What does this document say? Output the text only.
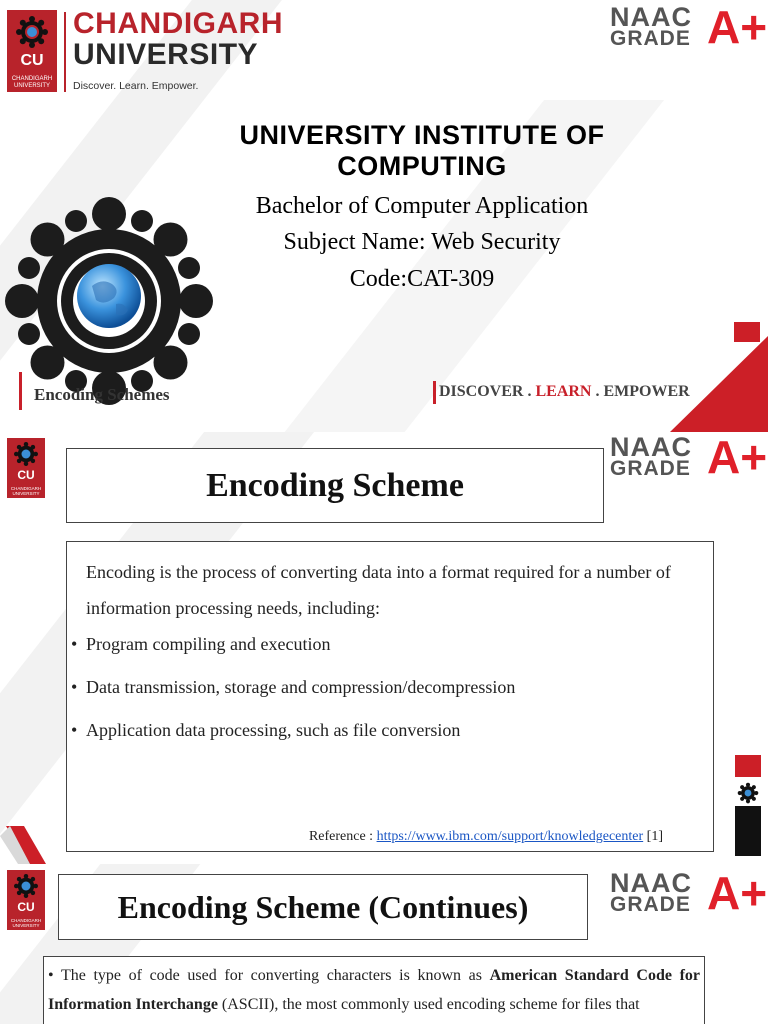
CU
CHANDIGARH UNIVERSITY
CHANDIGARH
UNIVERSITY
Discover. Learn. Empower.
NAAC
GRADE A+
UNIVERSITY INSTITUTE OF COMPUTING
Bachelor of Computer Application
Subject Name: Web Security
Code:CAT-309
Encoding Schemes	DISCOVER . LEARN . EMPOWER
CU
CHANDIGARH UNIVERSITY
NAAC
GRADE A+
Encoding Scheme
Encoding is the process of converting data into a format required for a number of information processing needs, including:
• Program compiling and execution
• Data transmission, storage and compression/decompression
• Application data processing, such as file conversion
Reference : https://www.ibm.com/support/knowledgecenter [1]
CU
CHANDIGARH UNIVERSITY
NAAC
GRADE A+
Encoding Scheme (Continues)
• The type of code used for converting characters is known as American Standard Code for Information Interchange (ASCII), the most commonly used encoding scheme for files that
